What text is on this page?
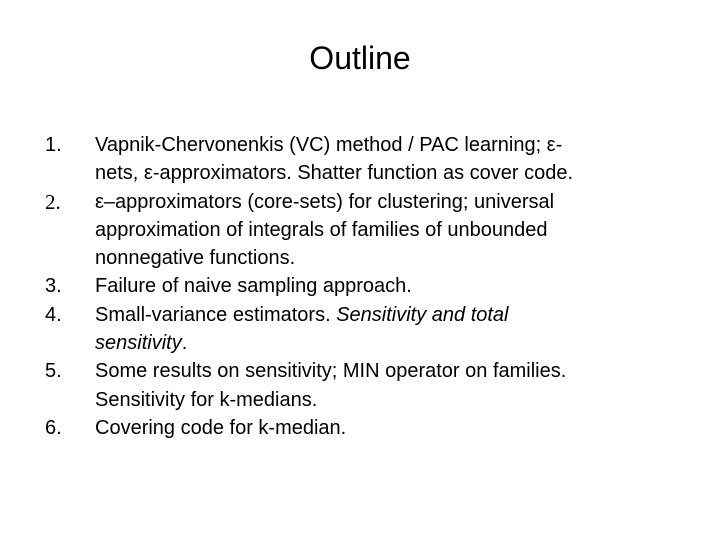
Outline
1.	Vapnik-Chervonenkis (VC) method / PAC learning; ε-
nets, ε-approximators. Shatter function as cover code.
2.	ε–approximators (core-sets) for clustering; universal
approximation of integrals of families of unbounded
nonnegative functions.
3.	Failure of naive sampling approach.
4.	Small-variance estimators. Sensitivity and total
sensitivity.
5.	Some results on sensitivity; MIN operator on families.
Sensitivity for k-medians.
6.	Covering code for k-median.
